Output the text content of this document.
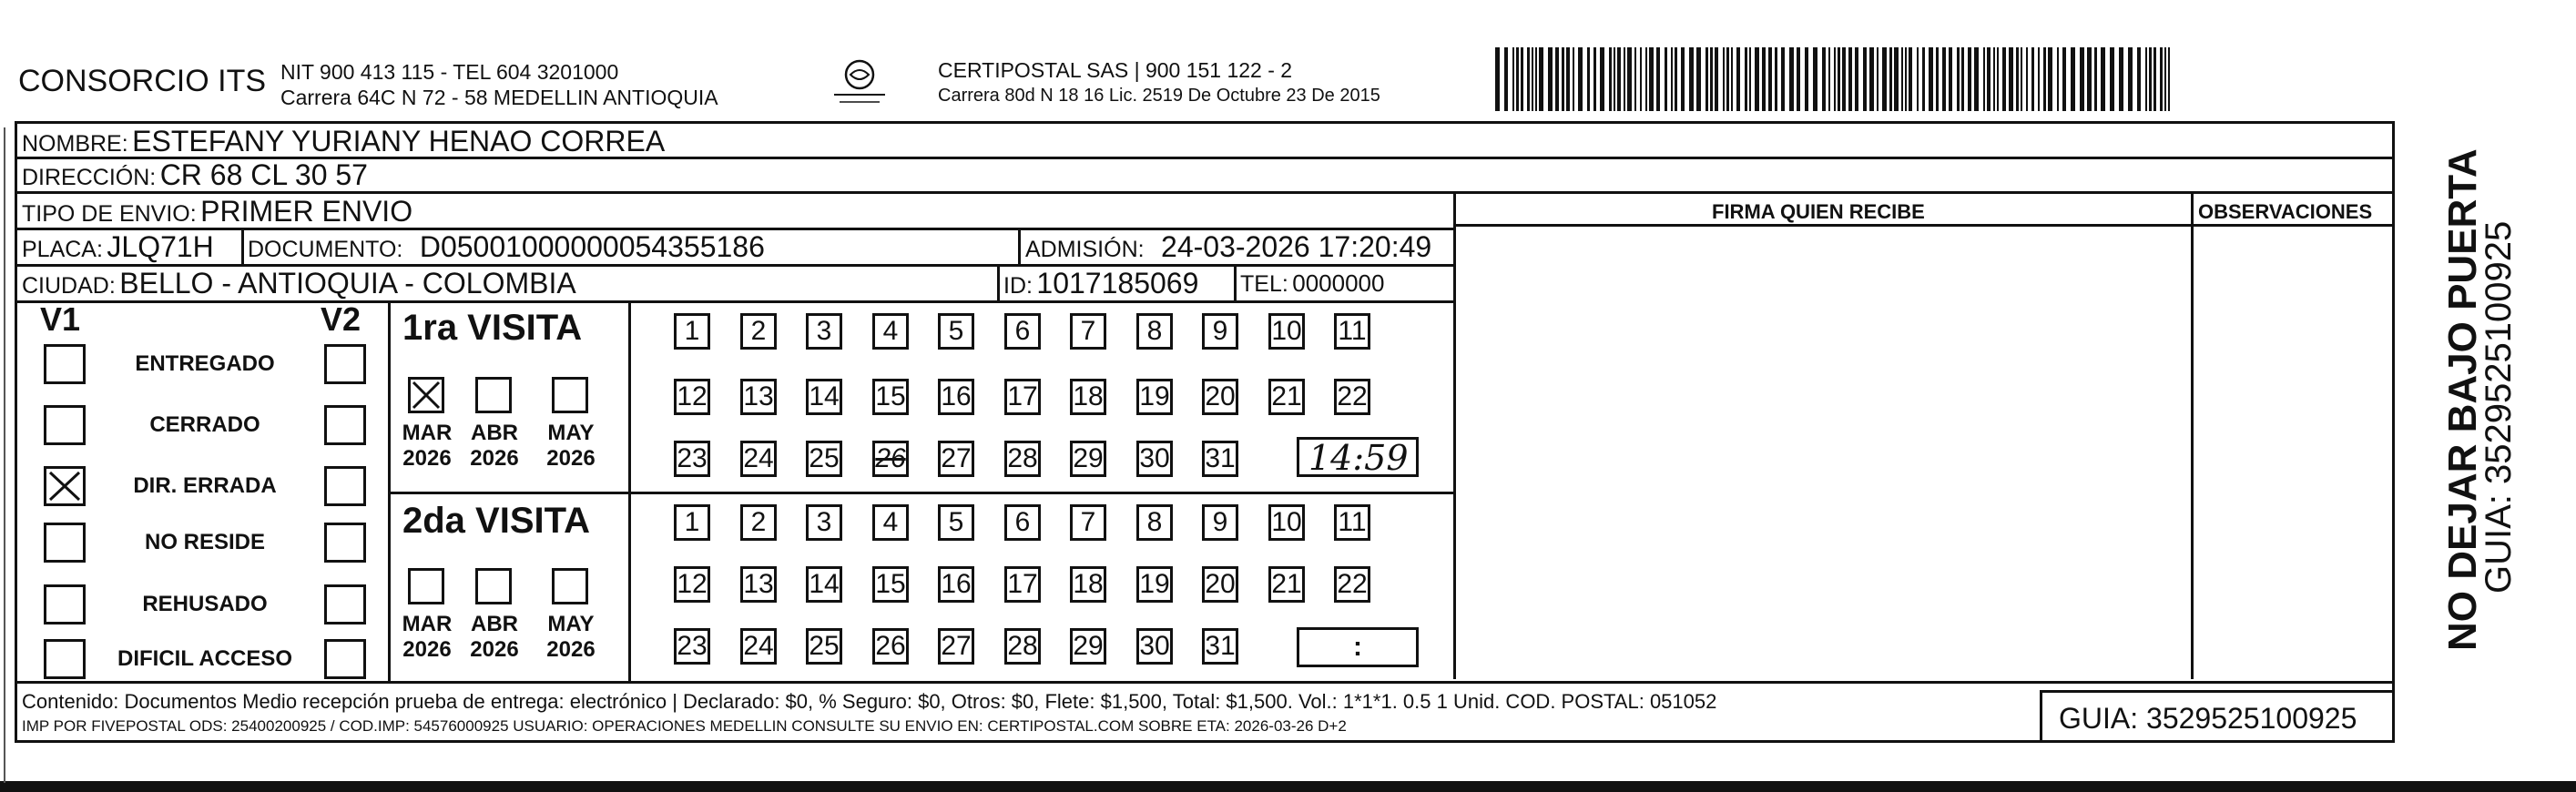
CONSORCIO ITS NIT 900 413 115 - TEL 604 3201000
Carrera 64C N 72 - 58 MEDELLIN ANTIOQUIA
CERTIPOSTAL SAS | 900 151 122 - 2
Carrera 80d N 18 16 Lic. 2519 De Octubre 23 De 2015
NOMBRE: ESTEFANY YURIANY HENAO CORREA
DIRECCIÓN: CR 68 CL 30 57
TIPO DE ENVIO: PRIMER ENVIO	FIRMA QUIEN RECIBE	OBSERVACIONES
PLACA: JLQ71H DOCUMENTO: D05001000000054355186	ADMISIÓN: 24-03-2026 17:20:49
CIUDAD: BELLO - ANTIOQUIA - COLOMBIA	ID: 1017185069 TEL: 0000000
V1	V2
ENTREGADO
CERRADO
DIR. ERRADA
NO RESIDE
REHUSADO
DIFICIL ACCESO
1ra VISITA
2da VISITA
MAR
2026
ABR
2026
MAY
2026
MAR
2026
ABR
2026
MAY
2026
1	2	3	4	5	6	7	8	9	10 11
12 13 14 15 16 17 18 19 20 21 22
23 24 25 26 27 28 29 30 31
1	2	3	4	5	6	7	8	9	10 11
12 13 14 15 16 17 18 19 20 21 22
23 24 25 26 27 28 29 30 31
14:59
:
Contenido: Documentos Medio recepción prueba de entrega: electrónico | Declarado: $0, % Seguro: $0, Otros: $0, Flete: $1,500, Total: $1,500. Vol.: 1*1*1. 0.5 1 Unid. COD. POSTAL: 051052
IMP POR FIVEPOSTAL ODS: 25400200925 / COD.IMP: 54576000925 USUARIO: OPERACIONES MEDELLIN CONSULTE SU ENVIO EN: CERTIPOSTAL.COM SOBRE ETA: 2026-03-26 D+2	GUIA: 3529525100925
NO DEJAR BAJO PUERTA
GUIA: 3529525100925
